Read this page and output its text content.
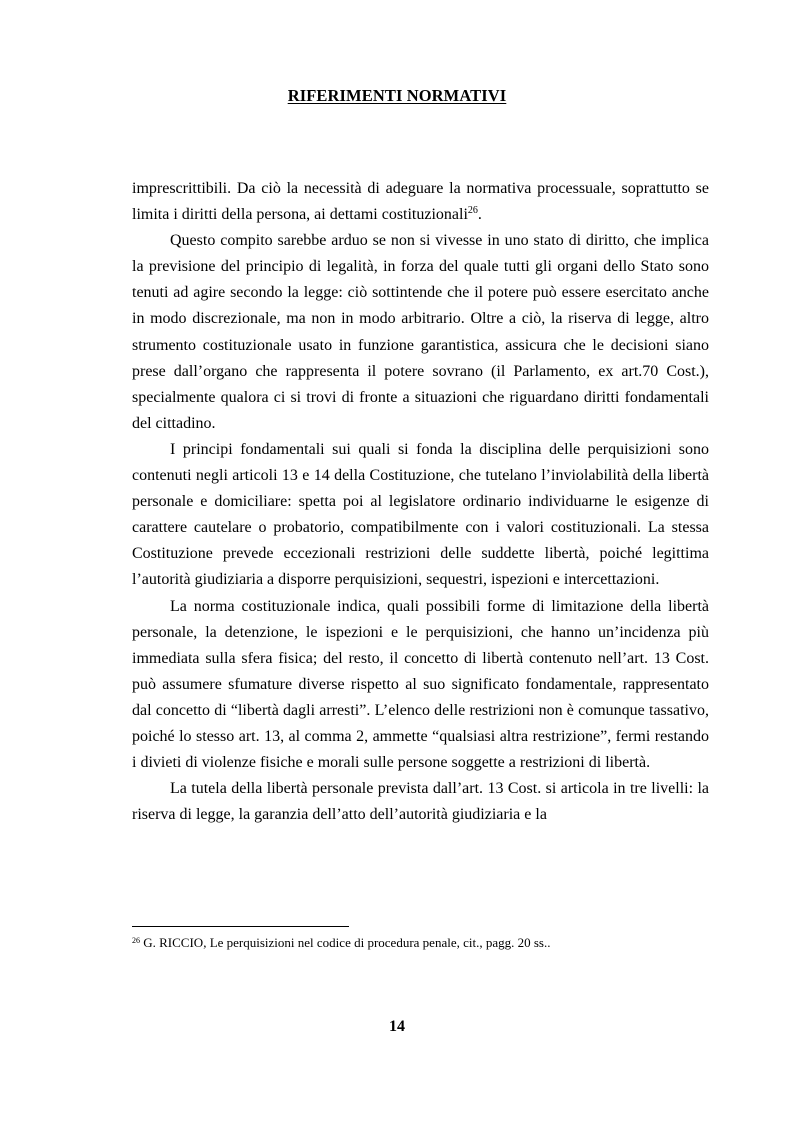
RIFERIMENTI NORMATIVI

imprescrittibili. Da ciò la necessità di adeguare la normativa processuale, soprattutto se limita i diritti della persona, ai dettami costituzionali$^{26}$.

Questo compito sarebbe arduo se non si vivesse in uno stato di diritto, che implica la previsione del principio di legalità, in forza del quale tutti gli organi dello Stato sono tenuti ad agire secondo la legge: ciò sottintende che il potere può essere esercitato anche in modo discrezionale, ma non in modo arbitrario. Oltre a ciò, la riserva di legge, altro strumento costituzionale usato in funzione garantistica, assicura che le decisioni siano prese dall’organo che rappresenta il potere sovrano (il Parlamento, ex art.70 Cost.), specialmente qualora ci si trovi di fronte a situazioni che riguardano diritti fondamentali del cittadino.

I principi fondamentali sui quali si fonda la disciplina delle perquisizioni sono contenuti negli articoli 13 e 14 della Costituzione, che tutelano l’inviolabilità della libertà personale e domiciliare: spetta poi al legislatore ordinario individuarne le esigenze di carattere cautelare o probatorio, compatibilmente con i valori costituzionali. La stessa Costituzione prevede eccezionali restrizioni delle suddette libertà, poiché legittima l’autorità giudiziaria a disporre perquisizioni, sequestri, ispezioni e intercettazioni.

La norma costituzionale indica, quali possibili forme di limitazione della libertà personale, la detenzione, le ispezioni e le perquisizioni, che hanno un’incidenza più immediata sulla sfera fisica; del resto, il concetto di libertà contenuto nell’art. 13 Cost. può assumere sfumature diverse rispetto al suo significato fondamentale, rappresentato dal concetto di “libertà dagli arresti”. L’elenco delle restrizioni non è comunque tassativo, poiché lo stesso art. 13, al comma 2, ammette “qualsiasi altra restrizione”, fermi restando i divieti di violenze fisiche e morali sulle persone soggette a restrizioni di libertà.

La tutela della libertà personale prevista dall’art. 13 Cost. si articola in tre livelli: la riserva di legge, la garanzia dell’atto dell’autorità giudiziaria e la

$^{26}$ G. RICCIO, Le perquisizioni nel codice di procedura penale, cit., pagg. 20 ss..
14
